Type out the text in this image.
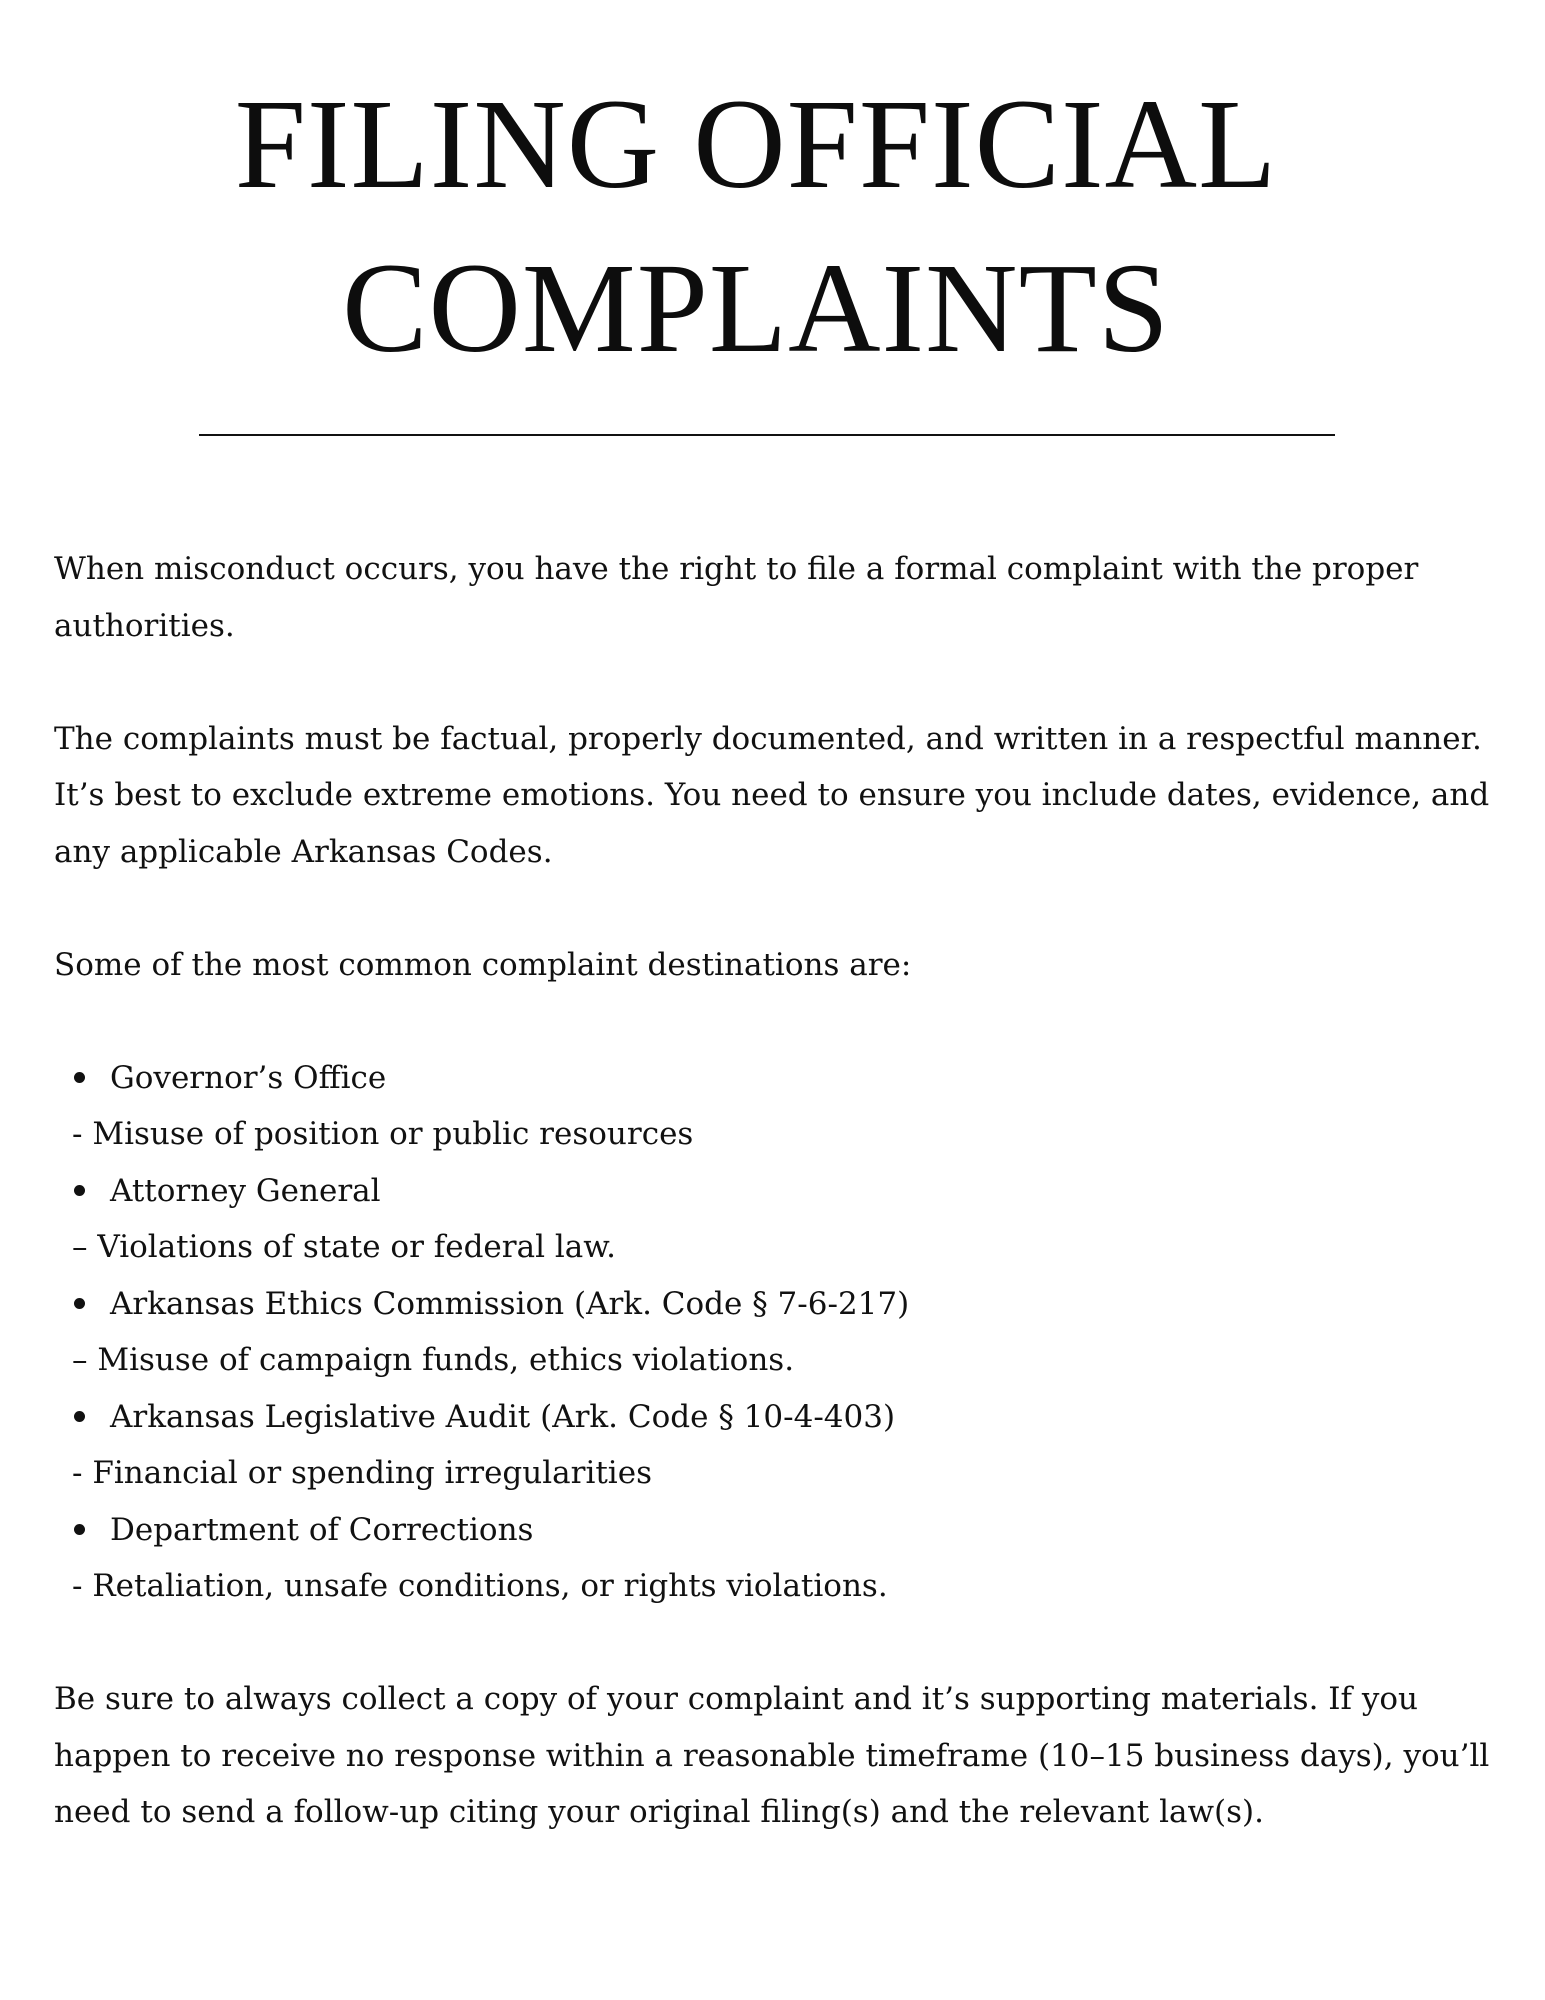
FILING OFFICIAL
COMPLAINTS

When misconduct occurs, you have the right to file a formal complaint with the proper authorities.

The complaints must be factual, properly documented, and written in a respectful manner. It’s best to exclude extreme emotions. You need to ensure you include dates, evidence, and any applicable Arkansas Codes.

Some of the most common complaint destinations are:

Governor’s Office
- Misuse of position or public resources
Attorney General
– Violations of state or federal law.
Arkansas Ethics Commission (Ark. Code § 7-6-217)
– Misuse of campaign funds, ethics violations.
Arkansas Legislative Audit (Ark. Code § 10-4-403)
- Financial or spending irregularities
Department of Corrections
- Retaliation, unsafe conditions, or rights violations.

Be sure to always collect a copy of your complaint and it’s supporting materials. If you happen to receive no response within a reasonable timeframe (10–15 business days), you’ll need to send a follow-up citing your original filing(s) and the relevant law(s).
